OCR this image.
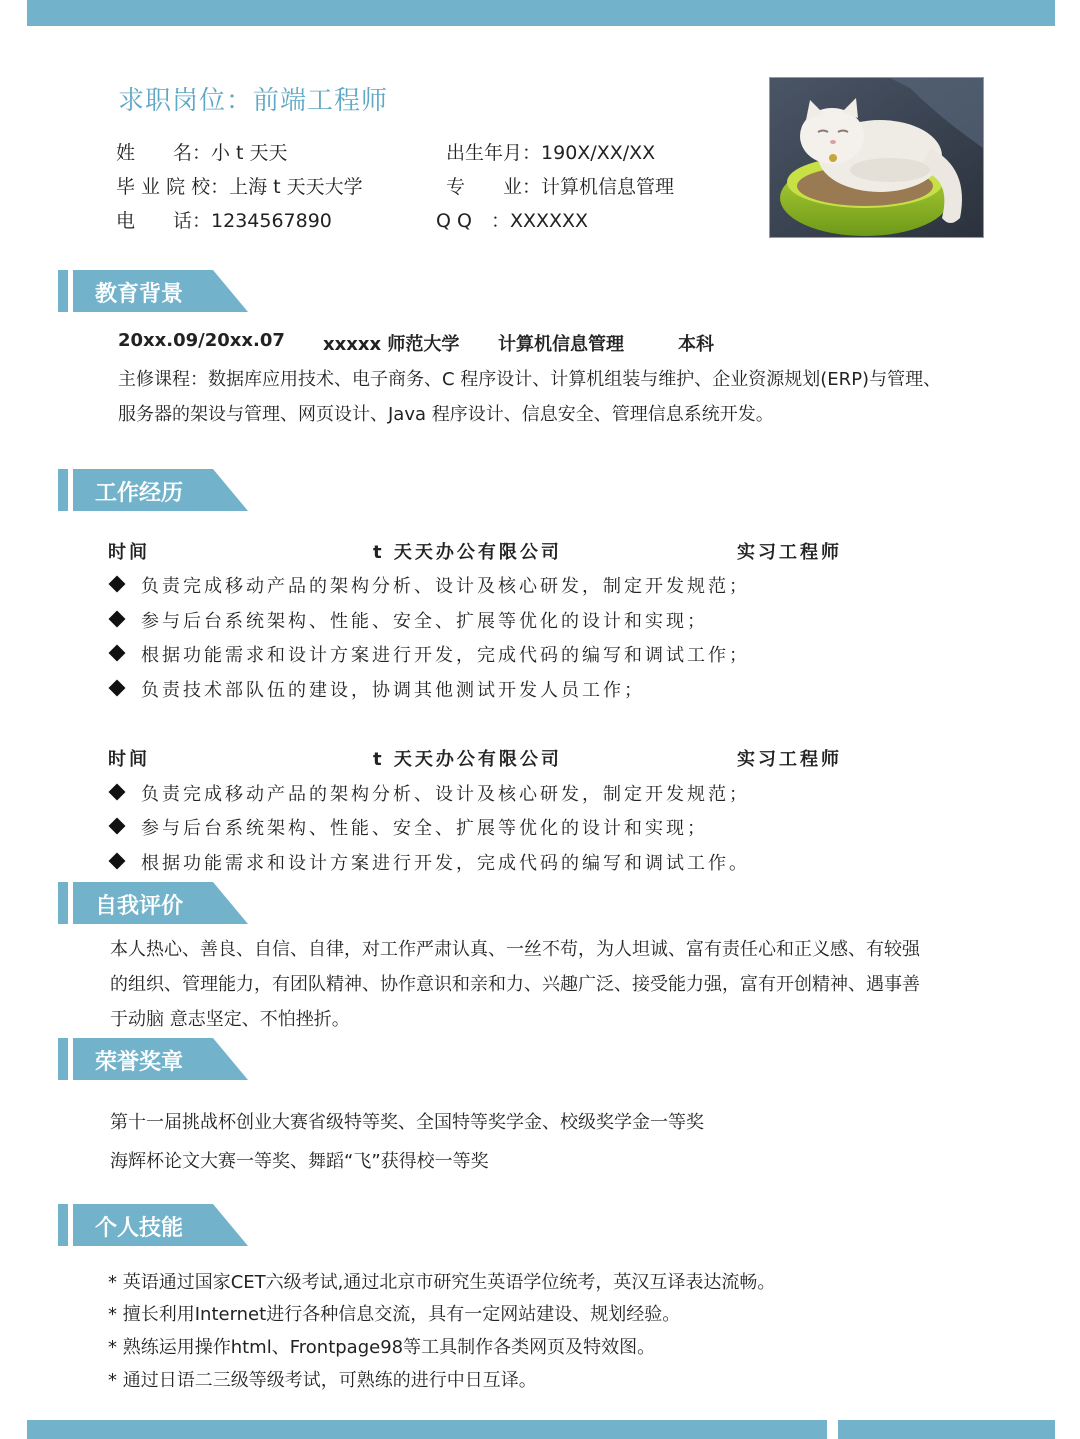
求职岗位：前端工程师
姓　　名：小 t 天天	出生年月：190X/XX/XX
毕 业 院 校：上海 t 天天大学	专　　业：计算机信息管理
电　　话：1234567890	Q Q　：XXXXXX
教育背景
20xx.09/20xx.07 xxxxx 师范大学 计算机信息管理	本科
主修课程：数据库应用技术、电子商务、C 程序设计、计算机组装与维护、企业资源规划(ERP)与管理、
服务器的架设与管理、网页设计、Java 程序设计、信息安全、管理信息系统开发。
工作经历
时间	t 天天办公有限公司	实习工程师
负责完成移动产品的架构分析、设计及核心研发，制定开发规范；
参与后台系统架构、性能、安全、扩展等优化的设计和实现；
根据功能需求和设计方案进行开发，完成代码的编写和调试工作；
负责技术部队伍的建设，协调其他测试开发人员工作；
时间	t 天天办公有限公司	实习工程师
负责完成移动产品的架构分析、设计及核心研发，制定开发规范；
参与后台系统架构、性能、安全、扩展等优化的设计和实现；
根据功能需求和设计方案进行开发，完成代码的编写和调试工作。
自我评价
本人热心、善良、自信、自律，对工作严肃认真、一丝不苟，为人坦诚、富有责任心和正义感、有较强
的组织、管理能力，有团队精神、协作意识和亲和力、兴趣广泛、接受能力强，富有开创精神、遇事善
于动脑 意志坚定、不怕挫折。
荣誉奖章
第十一届挑战杯创业大赛省级特等奖、全国特等奖学金、校级奖学金一等奖
海辉杯论文大赛一等奖、舞蹈“飞”获得校一等奖
个人技能
* 英语通过国家CET六级考试,通过北京市研究生英语学位统考，英汉互译表达流畅。
* 擅长利用Internet进行各种信息交流，具有一定网站建设、规划经验。
* 熟练运用操作html、Frontpage98等工具制作各类网页及特效图。
* 通过日语二三级等级考试，可熟练的进行中日互译。
